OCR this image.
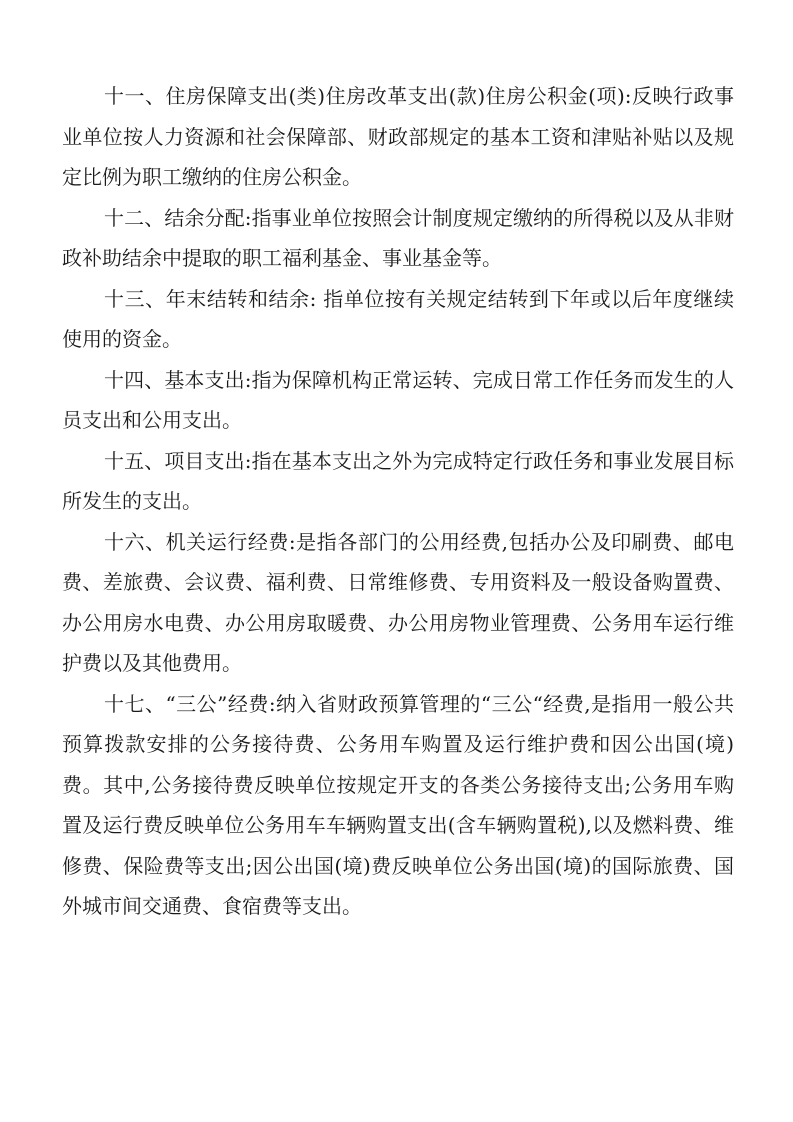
十一、住房保障支出(类)住房改革支出(款)住房公积金(项):反映行政事业单位按人力资源和社会保障部、财政部规定的基本工资和津贴补贴以及规定比例为职工缴纳的住房公积金。

十二、结余分配:指事业单位按照会计制度规定缴纳的所得税以及从非财政补助结余中提取的职工福利基金、事业基金等。

十三、年末结转和结余: 指单位按有关规定结转到下年或以后年度继续使用的资金。

十四、基本支出:指为保障机构正常运转、完成日常工作任务而发生的人员支出和公用支出。

十五、项目支出:指在基本支出之外为完成特定行政任务和事业发展目标所发生的支出。

十六、机关运行经费:是指各部门的公用经费,包括办公及印刷费、邮电费、差旅费、会议费、福利费、日常维修费、专用资料及一般设备购置费、办公用房水电费、办公用房取暖费、办公用房物业管理费、公务用车运行维护费以及其他费用。

十七、“三公”经费:纳入省财政预算管理的“三公“经费,是指用一般公共预算拨款安排的公务接待费、公务用车购置及运行维护费和因公出国(境)费。其中,公务接待费反映单位按规定开支的各类公务接待支出;公务用车购置及运行费反映单位公务用车车辆购置支出(含车辆购置税),以及燃料费、维修费、保险费等支出;因公出国(境)费反映单位公务出国(境)的国际旅费、国外城市间交通费、食宿费等支出。
